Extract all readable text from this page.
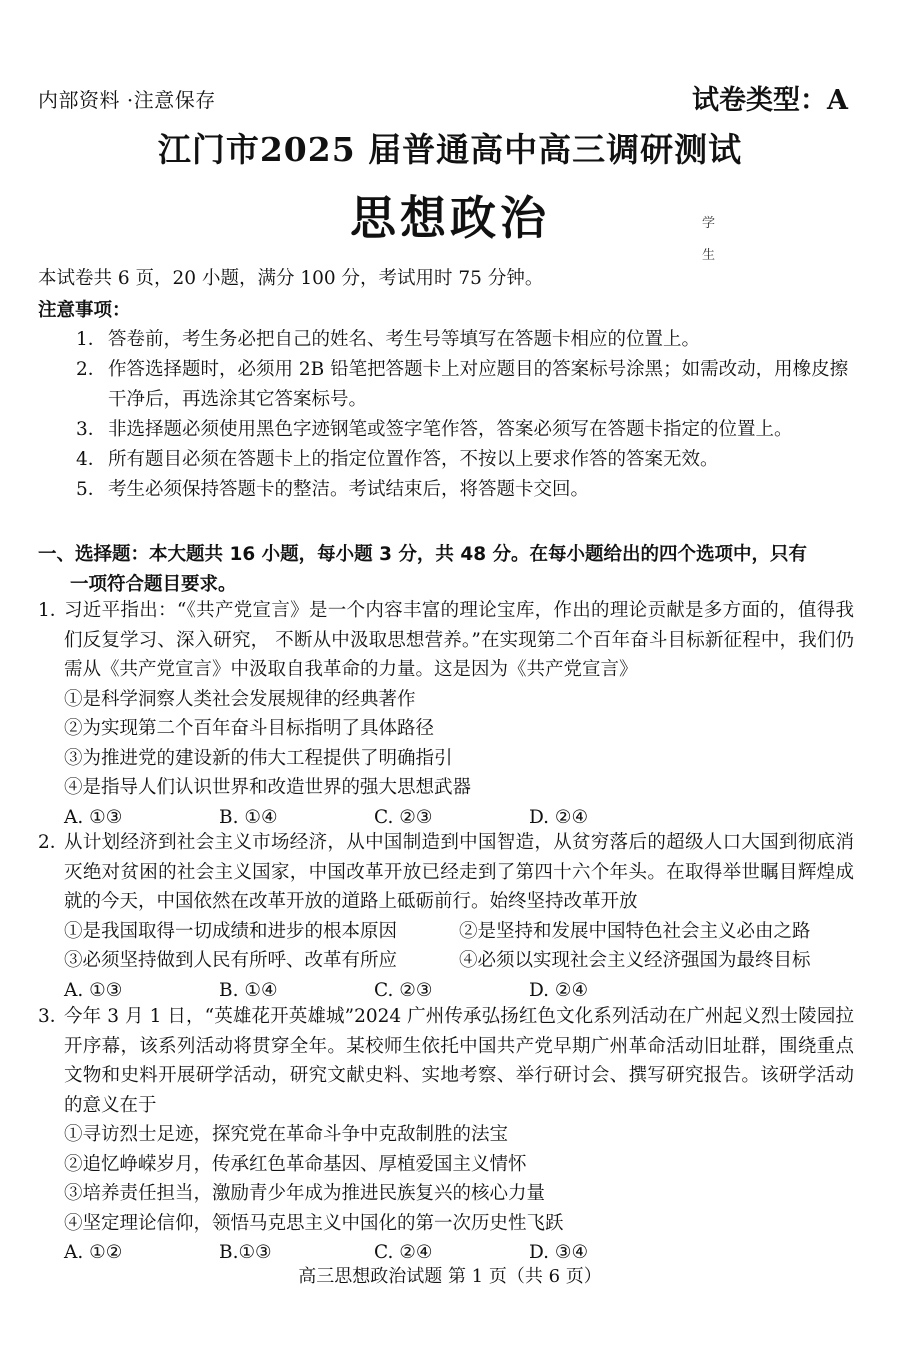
内部资料 ·注意保存	试卷类型：A
江门市2025 届普通高中高三调研测试
思想政治	学
生
本试卷共 6 页，20 小题，满分 100 分，考试用时 75 分钟。
注意事项：
1． 答卷前，考生务必把自己的姓名、考生号等填写在答题卡相应的位置上。
2． 作答选择题时，必须用 2B 铅笔把答题卡上对应题目的答案标号涂黑；如需改动，用橡皮擦干净后，再选涂其它答案标号。
3． 非选择题必须使用黑色字迹钢笔或签字笔作答，答案必须写在答题卡指定的位置上。
4． 所有题目必须在答题卡上的指定位置作答，不按以上要求作答的答案无效。
5． 考生必须保持答题卡的整洁。考试结束后，将答题卡交回。
一、选择题：本大题共 16 小题，每小题 3 分，共 48 分。在每小题给出的四个选项中，只有
一项符合题目要求。
1．
习近平指出：“《共产党宣言》是一个内容丰富的理论宝库，作出的理论贡献是多方面的，值得我们反复学习、深入研究， 不断从中汲取思想营养。”在实现第二个百年奋斗目标新征程中，我们仍需从《共产党宣言》中汲取自我革命的力量。这是因为《共产党宣言》
①是科学洞察人类社会发展规律的经典著作
②为实现第二个百年奋斗目标指明了具体路径
③为推进党的建设新的伟大工程提供了明确指引
④是指导人们认识世界和改造世界的强大思想武器
A. ①③	B. ①④	C. ②③	D. ②④
2．
从计划经济到社会主义市场经济，从中国制造到中国智造，从贫穷落后的超级人口大国到彻底消灭绝对贫困的社会主义国家，中国改革开放已经走到了第四十六个年头。在取得举世瞩目辉煌成就的今天，中国依然在改革开放的道路上砥砺前行。始终坚持改革开放
①是我国取得一切成绩和进步的根本原因	②是坚持和发展中国特色社会主义必由之路
③必须坚持做到人民有所呼、改革有所应	④必须以实现社会主义经济强国为最终目标
A. ①③	B. ①④	C. ②③	D. ②④
3．
今年 3 月 1 日，“英雄花开英雄城”2024 广州传承弘扬红色文化系列活动在广州起义烈士陵园拉开序幕，该系列活动将贯穿全年。某校师生依托中国共产党早期广州革命活动旧址群，围绕重点文物和史料开展研学活动，研究文献史料、实地考察、举行研讨会、撰写研究报告。该研学活动的意义在于
①寻访烈士足迹，探究党在革命斗争中克敌制胜的法宝
②追忆峥嵘岁月，传承红色革命基因、厚植爱国主义情怀
③培养责任担当，激励青少年成为推进民族复兴的核心力量
④坚定理论信仰，领悟马克思主义中国化的第一次历史性飞跃
A. ①②	B.①③	C. ②④	D. ③④
高三思想政治试题 第 1 页（共 6 页）
